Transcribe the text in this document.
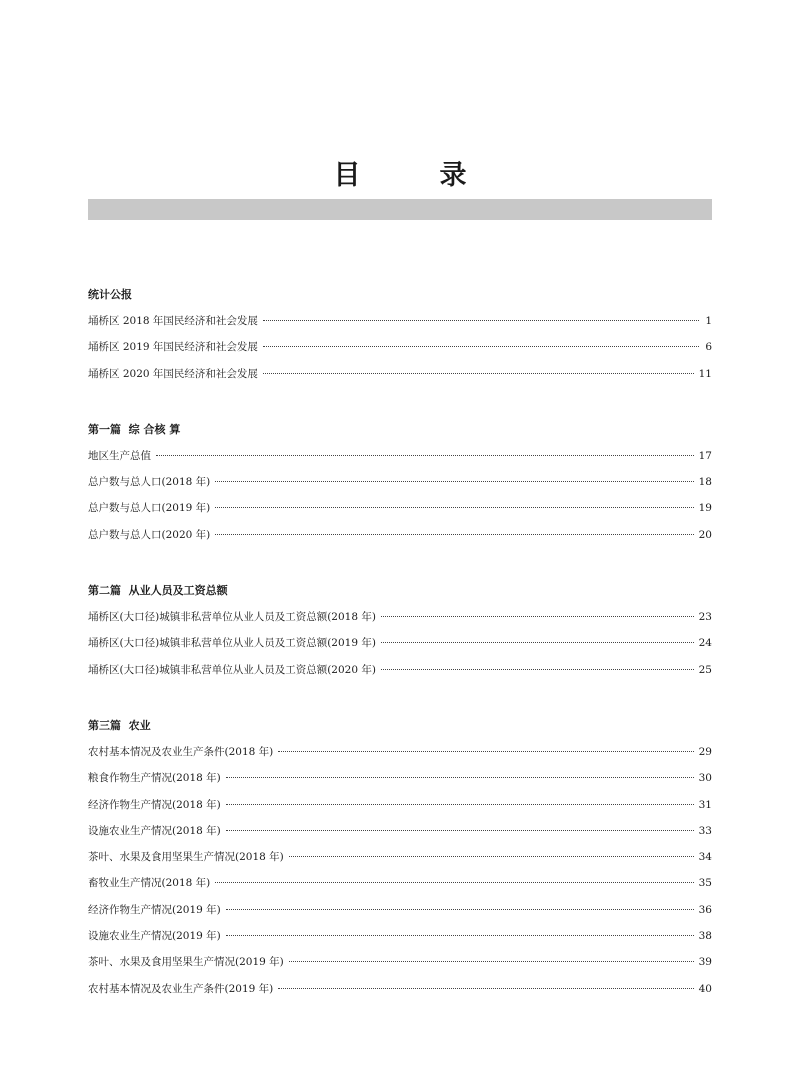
目　录
统计公报
埇桥区 2018 年国民经济和社会发展	1
埇桥区 2019 年国民经济和社会发展	6
埇桥区 2020 年国民经济和社会发展	11
第一篇  综 合核 算
地区生产总值	17
总户数与总人口(2018 年)	18
总户数与总人口(2019 年)	19
总户数与总人口(2020 年)	20
第二篇  从业人员及工资总额
埇桥区(大口径)城镇非私营单位从业人员及工资总额(2018 年)	23
埇桥区(大口径)城镇非私营单位从业人员及工资总额(2019 年)	24
埇桥区(大口径)城镇非私营单位从业人员及工资总额(2020 年)	25
第三篇  农业
农村基本情况及农业生产条件(2018 年)	29
粮食作物生产情况(2018 年)	30
经济作物生产情况(2018 年)	31
设施农业生产情况(2018 年)	33
茶叶、水果及食用坚果生产情况(2018 年)	34
畜牧业生产情况(2018 年)	35
经济作物生产情况(2019 年)	36
设施农业生产情况(2019 年)	38
茶叶、水果及食用坚果生产情况(2019 年)	39
农村基本情况及农业生产条件(2019 年)	40
